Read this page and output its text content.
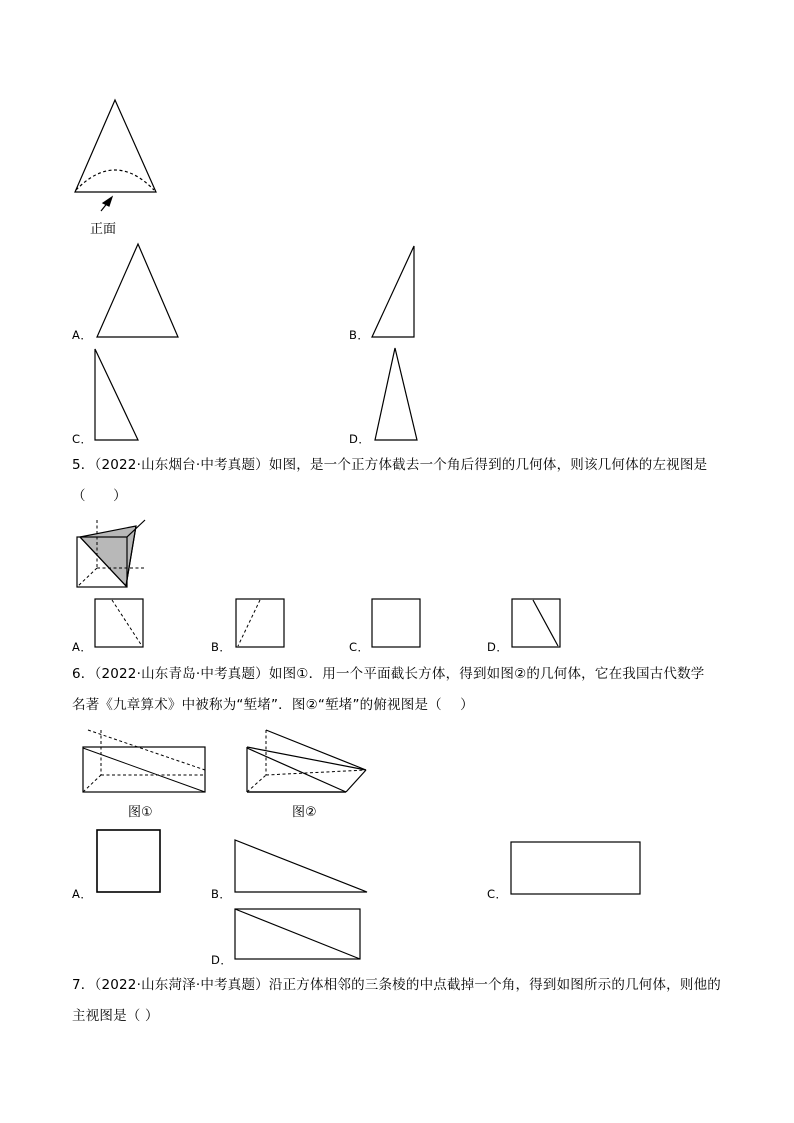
正面
A．	B．
C．	D．
5．（2022·山东烟台·中考真题）如图，是一个正方体截去一个角后得到的几何体，则该几何体的左视图是
（　　）
A．	B．	C．	D．
6．（2022·山东青岛·中考真题）如图①．用一个平面截长方体，得到如图②的几何体，它在我国古代数学
名著《九章算术》中被称为“堑堵”．图②“堑堵”的俯视图是（　 ）
图①	图②
A．	B．	C．
D．
7．（2022·山东菏泽·中考真题）沿正方体相邻的三条棱的中点截掉一个角，得到如图所示的几何体，则他的
主视图是（ ）
